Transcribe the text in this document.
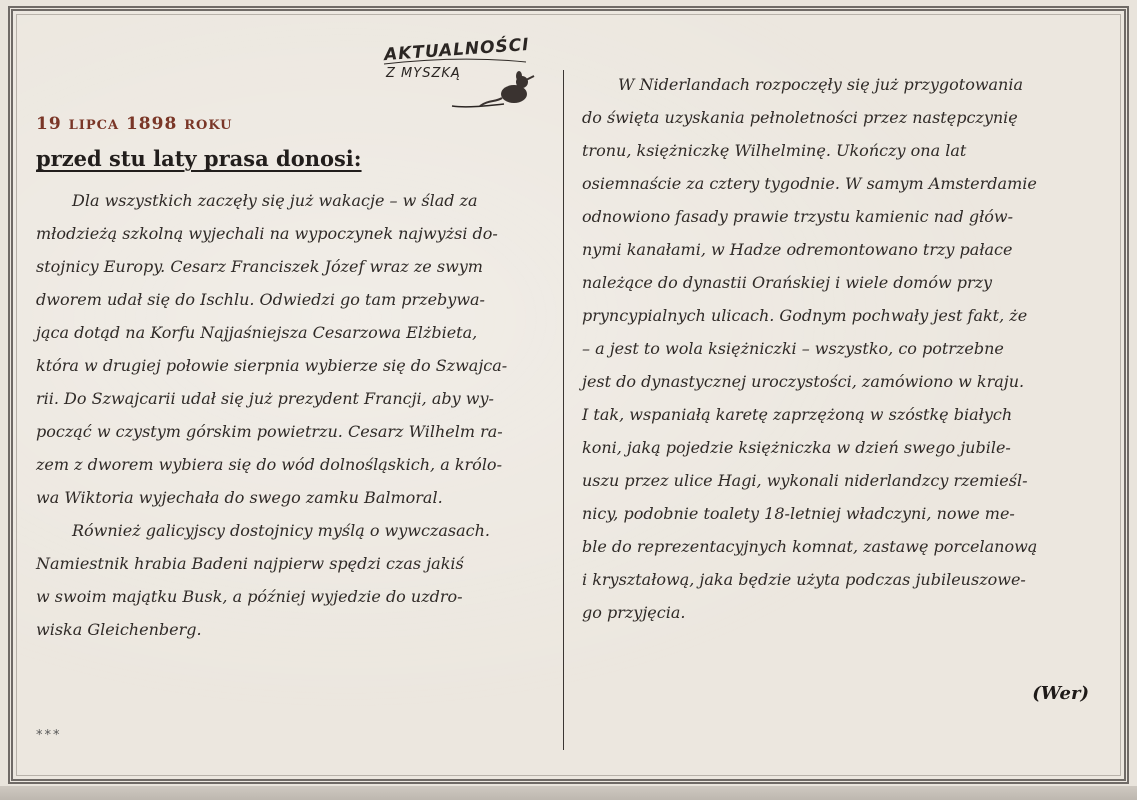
AKTUALNOŚCI
Z MYSZKĄ
19 LIPCA 1898 ROKU
przed stu laty prasa donosi:
Dla wszystkich zaczęły się już wakacje – w ślad za
młodzieżą szkolną wyjechali na wypoczynek najwyżsi do-
stojnicy Europy. Cesarz Franciszek Józef wraz ze swym
dworem udał się do Ischlu. Odwiedzi go tam przebywa-
jąca dotąd na Korfu Najjaśniejsza Cesarzowa Elżbieta,
która w drugiej połowie sierpnia wybierze się do Szwajca-
rii. Do Szwajcarii udał się już prezydent Francji, aby wy-
począć w czystym górskim powietrzu. Cesarz Wilhelm ra-
zem z dworem wybiera się do wód dolnośląskich, a królo-
wa Wiktoria wyjechała do swego zamku Balmoral.
Również galicyjscy dostojnicy myślą o wywczasach.
Namiestnik hrabia Badeni najpierw spędzi czas jakiś
w swoim majątku Busk, a później wyjedzie do uzdro-
wiska Gleichenberg.
***
W Niderlandach rozpoczęły się już przygotowania
do święta uzyskania pełnoletności przez następczynię
tronu, księżniczkę Wilhelminę. Ukończy ona lat
osiemnaście za cztery tygodnie. W samym Amsterdamie
odnowiono fasady prawie trzystu kamienic nad głów-
nymi kanałami, w Hadze odremontowano trzy pałace
należące do dynastii Orańskiej i wiele domów przy
pryncypialnych ulicach. Godnym pochwały jest fakt, że
– a jest to wola księżniczki – wszystko, co potrzebne
jest do dynastycznej uroczystości, zamówiono w kraju.
I tak, wspaniałą karetę zaprzężoną w szóstkę białych
koni, jaką pojedzie księżniczka w dzień swego jubile-
uszu przez ulice Hagi, wykonali niderlandzcy rzemieśl-
nicy, podobnie toalety 18-letniej władczyni, nowe me-
ble do reprezentacyjnych komnat, zastawę porcelanową
i kryształową, jaka będzie użyta podczas jubileuszowe-
go przyjęcia.
(Wer)
